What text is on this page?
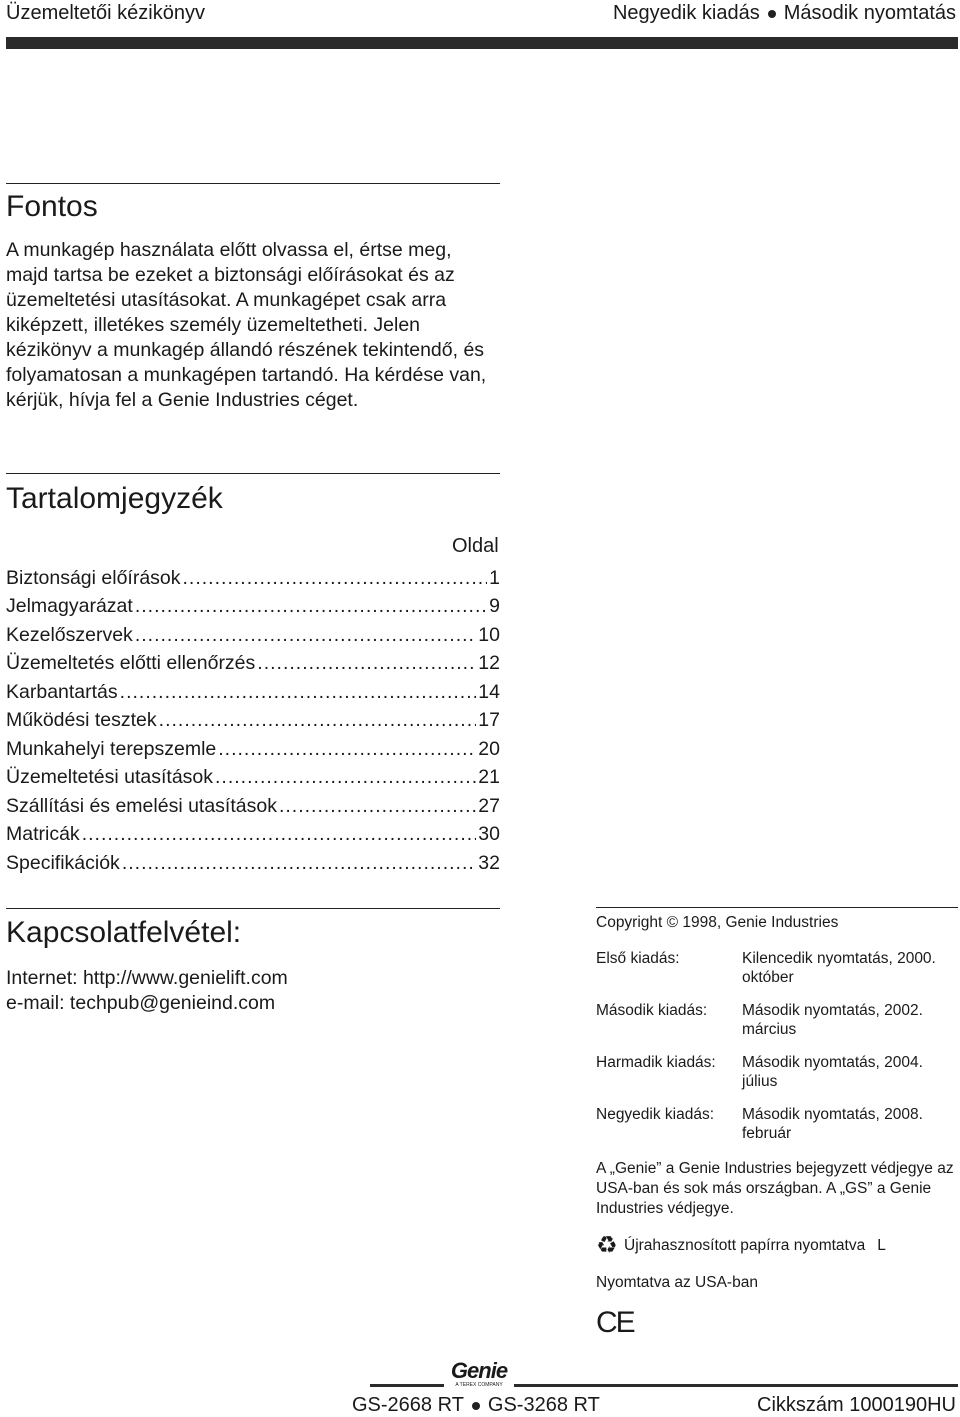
Üzemeltetői kézikönyv	Negyedik kiadás Második nyomtatás
Fontos
A munkagép használata előtt olvassa el, értse meg, majd tartsa be ezeket a biztonsági előírásokat és az üzemeltetési utasításokat. A munkagépet csak arra kiképzett, illetékes személy üzemeltetheti. Jelen kézikönyv a munkagép állandó részének tekintendő, és folyamatosan a munkagépen tartandó. Ha kérdése van, kérjük, hívja fel a Genie Industries céget.
Tartalomjegyzék
Oldal
Biztonsági előírások .....	1
Jelmagyarázat .....	9
Kezelőszervek .....	10
Üzemeltetés előtti ellenőrzés .....	12
Karbantartás .....	14
Működési tesztek .....	17
Munkahelyi terepszemle .....	20
Üzemeltetési utasítások .....	21
Szállítási és emelési utasítások .....	27
Matricák .....	30
Specifikációk .....	32
Kapcsolatfelvétel:
Internet: http://www.genielift.com
e-mail: techpub@genieind.com
Copyright © 1998, Genie Industries
Első kiadás:	Kilencedik nyomtatás, 2000. október
Második kiadás:	Második nyomtatás, 2002. március
Harmadik kiadás:	Második nyomtatás, 2004. július
Negyedik kiadás:	Második nyomtatás, 2008. február
A „Genie” a Genie Industries bejegyzett védjegye az USA-ban és sok más országban. A „GS” a Genie Industries védjegye.
♻ Újrahasznosított papírra nyomtatva L
Nyomtatva az USA-ban
CE
Genie
A TEREX COMPANY
GS-2668 RT GS-3268 RT	Cikkszám 1000190HU
